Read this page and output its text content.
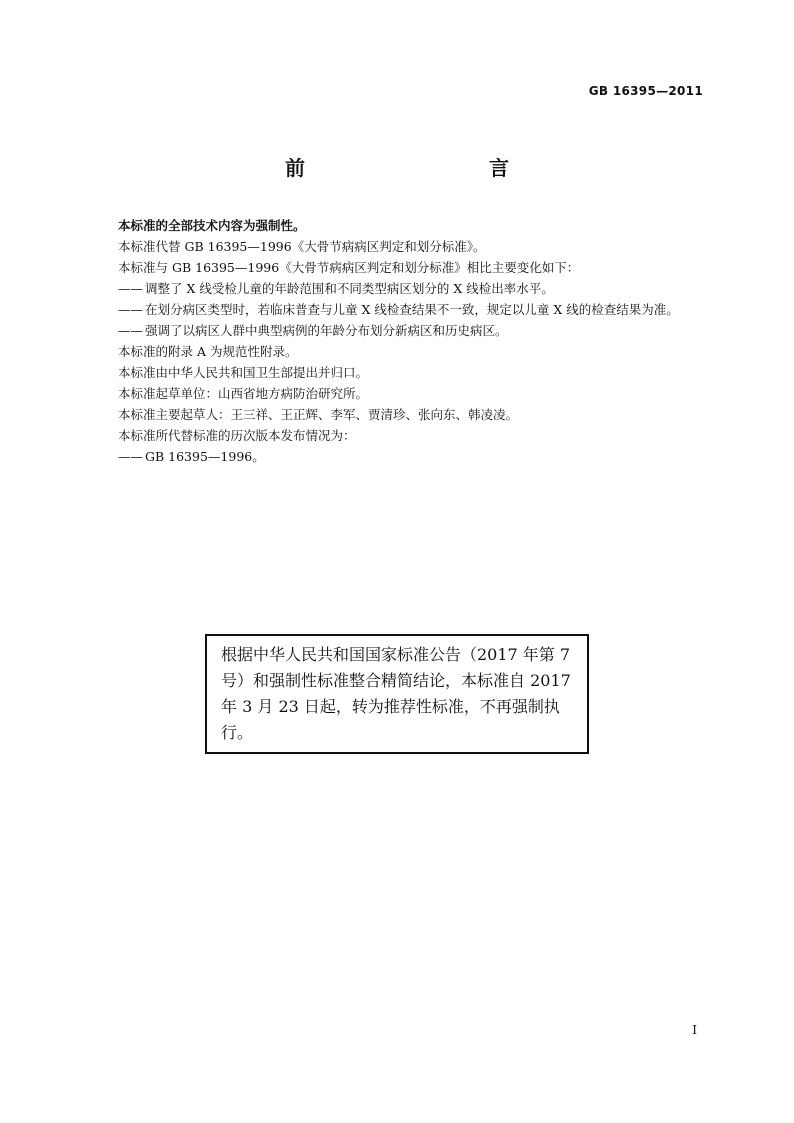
GB 16395—2011
前　　言

本标准的全部技术内容为强制性。

本标准代替 GB 16395—1996《大骨节病病区判定和划分标准》。

本标准与 GB 16395—1996《大骨节病病区判定和划分标准》相比主要变化如下：

—— 调整了 X 线受检儿童的年龄范围和不同类型病区划分的 X 线检出率水平。
—— 在划分病区类型时，若临床普查与儿童 X 线检查结果不一致，规定以儿童 X 线的检查结果为准。
—— 强调了以病区人群中典型病例的年龄分布划分新病区和历史病区。

本标准的附录 A 为规范性附录。

本标准由中华人民共和国卫生部提出并归口。

本标准起草单位：山西省地方病防治研究所。

本标准主要起草人：王三祥、王正辉、李军、贾清珍、张向东、韩凌凌。

本标准所代替标准的历次版本发布情况为：

—— GB 16395—1996。
根据中华人民共和国国家标准公告（2017 年第 7 号）和强制性标准整合精简结论，本标准自 2017 年 3 月 23 日起，转为推荐性标准，不再强制执行。
I
